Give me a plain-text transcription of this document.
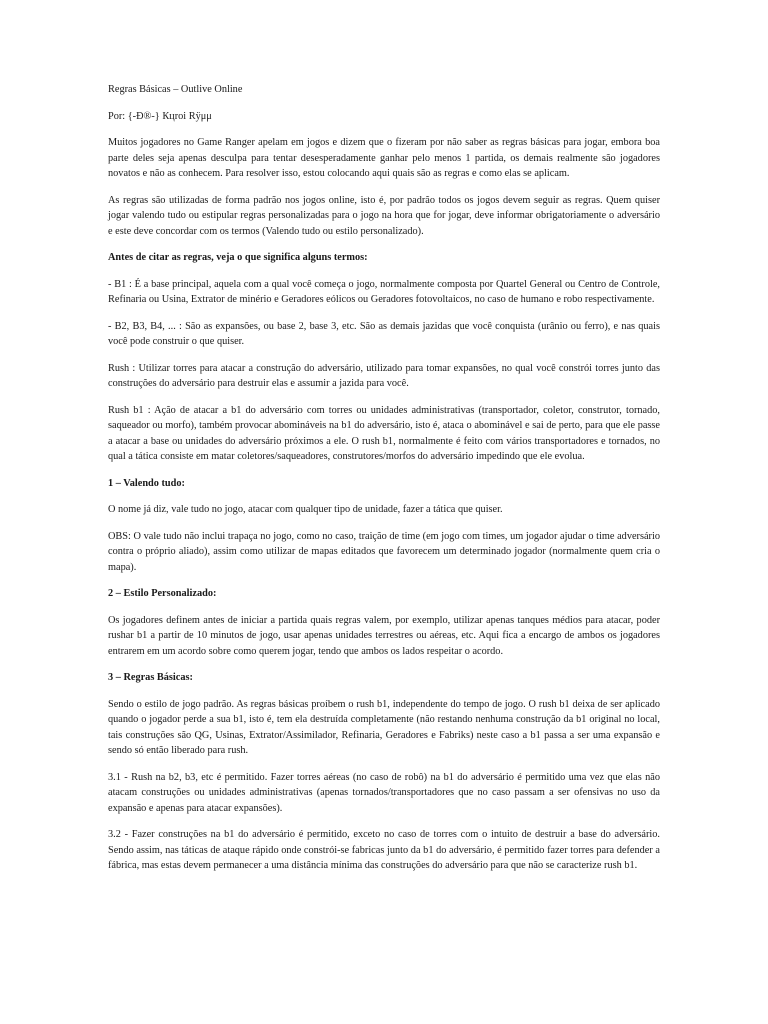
Regras Básicas – Outlive Online

Por: {-Ð®-} Кцroi Rÿμμ

Muitos jogadores no Game Ranger apelam em jogos e dizem que o fizeram por não saber as regras básicas para jogar, embora boa parte deles seja apenas desculpa para tentar desesperadamente ganhar pelo menos 1 partida, os demais realmente são jogadores novatos e não as conhecem. Para resolver isso, estou colocando aqui quais são as regras e como elas se aplicam.

As regras são utilizadas de forma padrão nos jogos online, isto é, por padrão todos os jogos devem seguir as regras. Quem quiser jogar valendo tudo ou estipular regras personalizadas para o jogo na hora que for jogar, deve informar obrigatoriamente o adversário e este deve concordar com os termos (Valendo tudo ou estilo personalizado).

Antes de citar as regras, veja o que significa alguns termos:

- B1 : É a base principal, aquela com a qual você começa o jogo, normalmente composta por Quartel General ou Centro de Controle, Refinaria ou Usina, Extrator de minério e Geradores eólicos ou Geradores fotovoltaicos, no caso de humano e robo respectivamente.

- B2, B3, B4, ... : São as expansões, ou base 2, base 3, etc. São as demais jazidas que você conquista (urânio ou ferro), e nas quais você pode construir o que quiser.

Rush : Utilizar torres para atacar a construção do adversário, utilizado para tomar expansões, no qual você constrói torres junto das construções do adversário para destruir elas e assumir a jazida para você.

Rush b1 : Ação de atacar a b1 do adversário com torres ou unidades administrativas (transportador, coletor, construtor, tornado, saqueador ou morfo), também provocar abomináveis na b1 do adversário, isto é, ataca o abominável e sai de perto, para que ele passe a atacar a base ou unidades do adversário próximos a ele. O rush b1, normalmente é feito com vários transportadores e tornados, no qual a tática consiste em matar coletores/saqueadores, construtores/morfos do adversário impedindo que ele evolua.

1 – Valendo tudo:

O nome já diz, vale tudo no jogo, atacar com qualquer tipo de unidade, fazer a tática que quiser.

OBS: O vale tudo não inclui trapaça no jogo, como no caso, traição de time (em jogo com times, um jogador ajudar o time adversário contra o próprio aliado), assim como utilizar de mapas editados que favorecem um determinado jogador (normalmente quem cria o mapa).

2 – Estilo Personalizado:

Os jogadores definem antes de iniciar a partida quais regras valem, por exemplo, utilizar apenas tanques médios para atacar, poder rushar b1 a partir de 10 minutos de jogo, usar apenas unidades terrestres ou aéreas, etc. Aqui fica a encargo de ambos os jogadores entrarem em um acordo sobre como querem jogar, tendo que ambos os lados respeitar o acordo.

3 – Regras Básicas:

Sendo o estilo de jogo padrão. As regras básicas proíbem o rush b1, independente do tempo de jogo. O rush b1 deixa de ser aplicado quando o jogador perde a sua b1, isto é, tem ela destruída completamente (não restando nenhuma construção da b1 original no local, tais construções são QG, Usinas, Extrator/Assimilador, Refinaria, Geradores e Fabriks) neste caso a b1 passa a ser uma expansão e sendo só então liberado para rush.

3.1 - Rush na b2, b3, etc é permitido. Fazer torres aéreas (no caso de robô) na b1 do adversário é permitido uma vez que elas não atacam construções ou unidades administrativas (apenas tornados/transportadores que no caso passam a ser ofensivas no uso da expansão e apenas para atacar expansões).

3.2 - Fazer construções na b1 do adversário é permitido, exceto no caso de torres com o intuito de destruir a base do adversário. Sendo assim, nas táticas de ataque rápido onde constrói-se fabricas junto da b1 do adversário, é permitido fazer torres para defender a fábrica, mas estas devem permanecer a uma distância mínima das construções do adversário para que não se caracterize rush b1.
